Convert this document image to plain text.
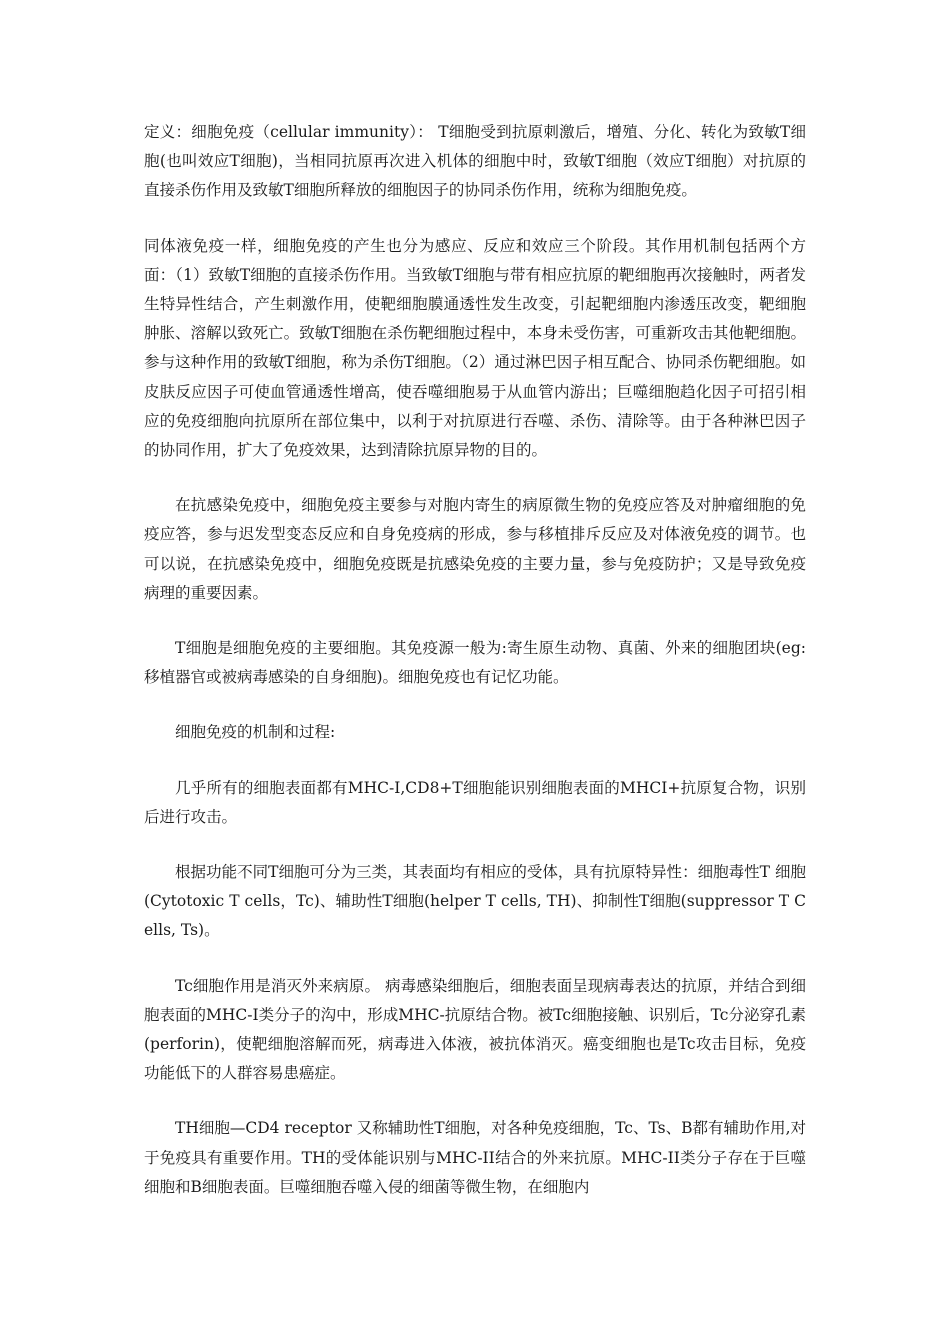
定义：细胞免疫（cellular immunity）： T细胞受到抗原刺激后，增殖、分化、转化为致敏T细胞(也叫效应T细胞)，当相同抗原再次进入机体的细胞中时，致敏T细胞（效应T细胞）对抗原的直接杀伤作用及致敏T细胞所释放的细胞因子的协同杀伤作用，统称为细胞免疫。

同体液免疫一样，细胞免疫的产生也分为感应、反应和效应三个阶段。其作用机制包括两个方面：（1）致敏T细胞的直接杀伤作用。当致敏T细胞与带有相应抗原的靶细胞再次接触时，两者发生特异性结合，产生刺激作用，使靶细胞膜通透性发生改变，引起靶细胞内渗透压改变，靶细胞肿胀、溶解以致死亡。致敏T细胞在杀伤靶细胞过程中，本身未受伤害，可重新攻击其他靶细胞。参与这种作用的致敏T细胞，称为杀伤T细胞。（2）通过淋巴因子相互配合、协同杀伤靶细胞。如皮肤反应因子可使血管通透性增高，使吞噬细胞易于从血管内游出；巨噬细胞趋化因子可招引相应的免疫细胞向抗原所在部位集中，以利于对抗原进行吞噬、杀伤、清除等。由于各种淋巴因子的协同作用，扩大了免疫效果，达到清除抗原异物的目的。

在抗感染免疫中，细胞免疫主要参与对胞内寄生的病原微生物的免疫应答及对肿瘤细胞的免疫应答，参与迟发型变态反应和自身免疫病的形成，参与移植排斥反应及对体液免疫的调节。也可以说，在抗感染免疫中，细胞免疫既是抗感染免疫的主要力量，参与免疫防护；又是导致免疫病理的重要因素。

T细胞是细胞免疫的主要细胞。其免疫源一般为:寄生原生动物、真菌、外来的细胞团块(eg:移植器官或被病毒感染的自身细胞)。细胞免疫也有记忆功能。

细胞免疫的机制和过程:

几乎所有的细胞表面都有MHC-I,CD8+T细胞能识别细胞表面的MHCI+抗原复合物，识别后进行攻击。

根据功能不同T细胞可分为三类，其表面均有相应的受体，具有抗原特异性：细胞毒性T 细胞(Cytotoxic T cells，Tc)、辅助性T细胞(helper T cells, TH)、抑制性T细胞(suppressor T Cells, Ts)。

Tc细胞作用是消灭外来病原。 病毒感染细胞后，细胞表面呈现病毒表达的抗原，并结合到细胞表面的MHC-I类分子的沟中，形成MHC-抗原结合物。被Tc细胞接触、识别后，Tc分泌穿孔素(perforin)，使靶细胞溶解而死，病毒进入体液，被抗体消灭。癌变细胞也是Tc攻击目标，免疫功能低下的人群容易患癌症。

TH细胞—CD4 receptor 又称辅助性T细胞，对各种免疫细胞，Tc、Ts、B都有辅助作用,对于免疫具有重要作用。TH的受体能识别与MHC-II结合的外来抗原。MHC-II类分子存在于巨噬细胞和B细胞表面。巨噬细胞吞噬入侵的细菌等微生物，在细胞内
